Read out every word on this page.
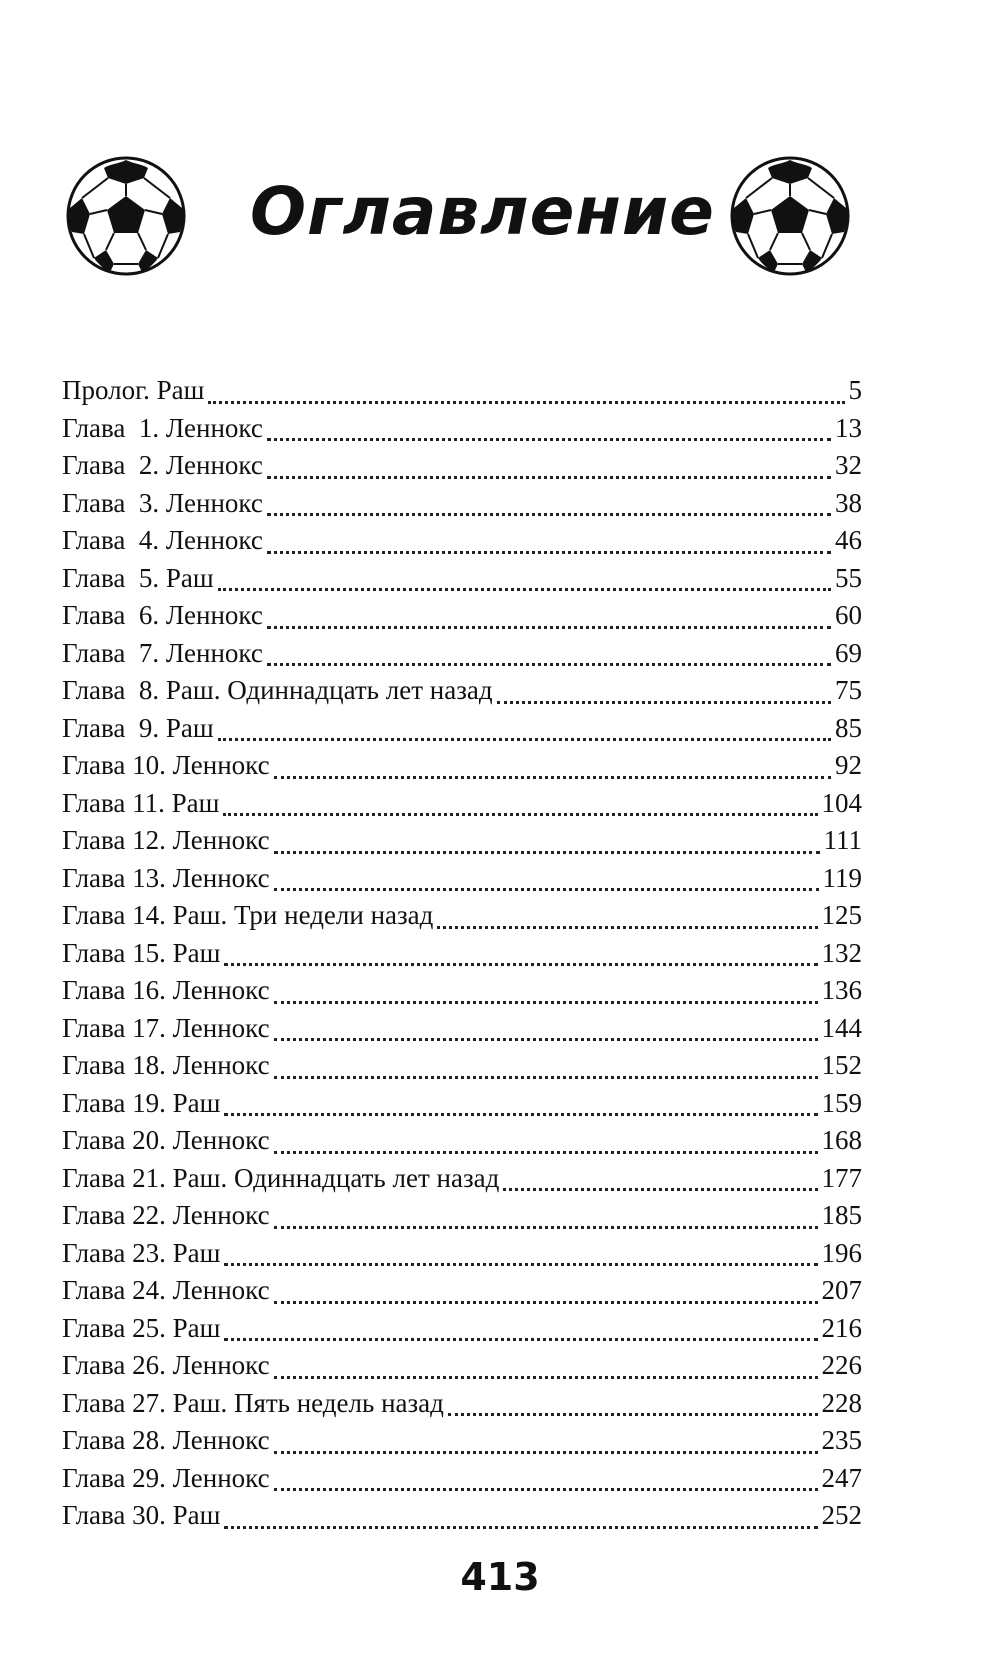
Оглавление
Пролог. Раш	5
Глава  1. Леннокс	13
Глава  2. Леннокс	32
Глава  3. Леннокс	38
Глава  4. Леннокс	46
Глава  5. Раш	55
Глава  6. Леннокс	60
Глава  7. Леннокс	69
Глава  8. Раш. Одиннадцать лет назад	75
Глава  9. Раш	85
Глава 10. Леннокс	92
Глава 11. Раш	104
Глава 12. Леннокс	111
Глава 13. Леннокс	119
Глава 14. Раш. Три недели назад	125
Глава 15. Раш	132
Глава 16. Леннокс	136
Глава 17. Леннокс	144
Глава 18. Леннокс	152
Глава 19. Раш	159
Глава 20. Леннокс	168
Глава 21. Раш. Одиннадцать лет назад	177
Глава 22. Леннокс	185
Глава 23. Раш	196
Глава 24. Леннокс	207
Глава 25. Раш	216
Глава 26. Леннокс	226
Глава 27. Раш. Пять недель назад	228
Глава 28. Леннокс	235
Глава 29. Леннокс	247
Глава 30. Раш	252
413
